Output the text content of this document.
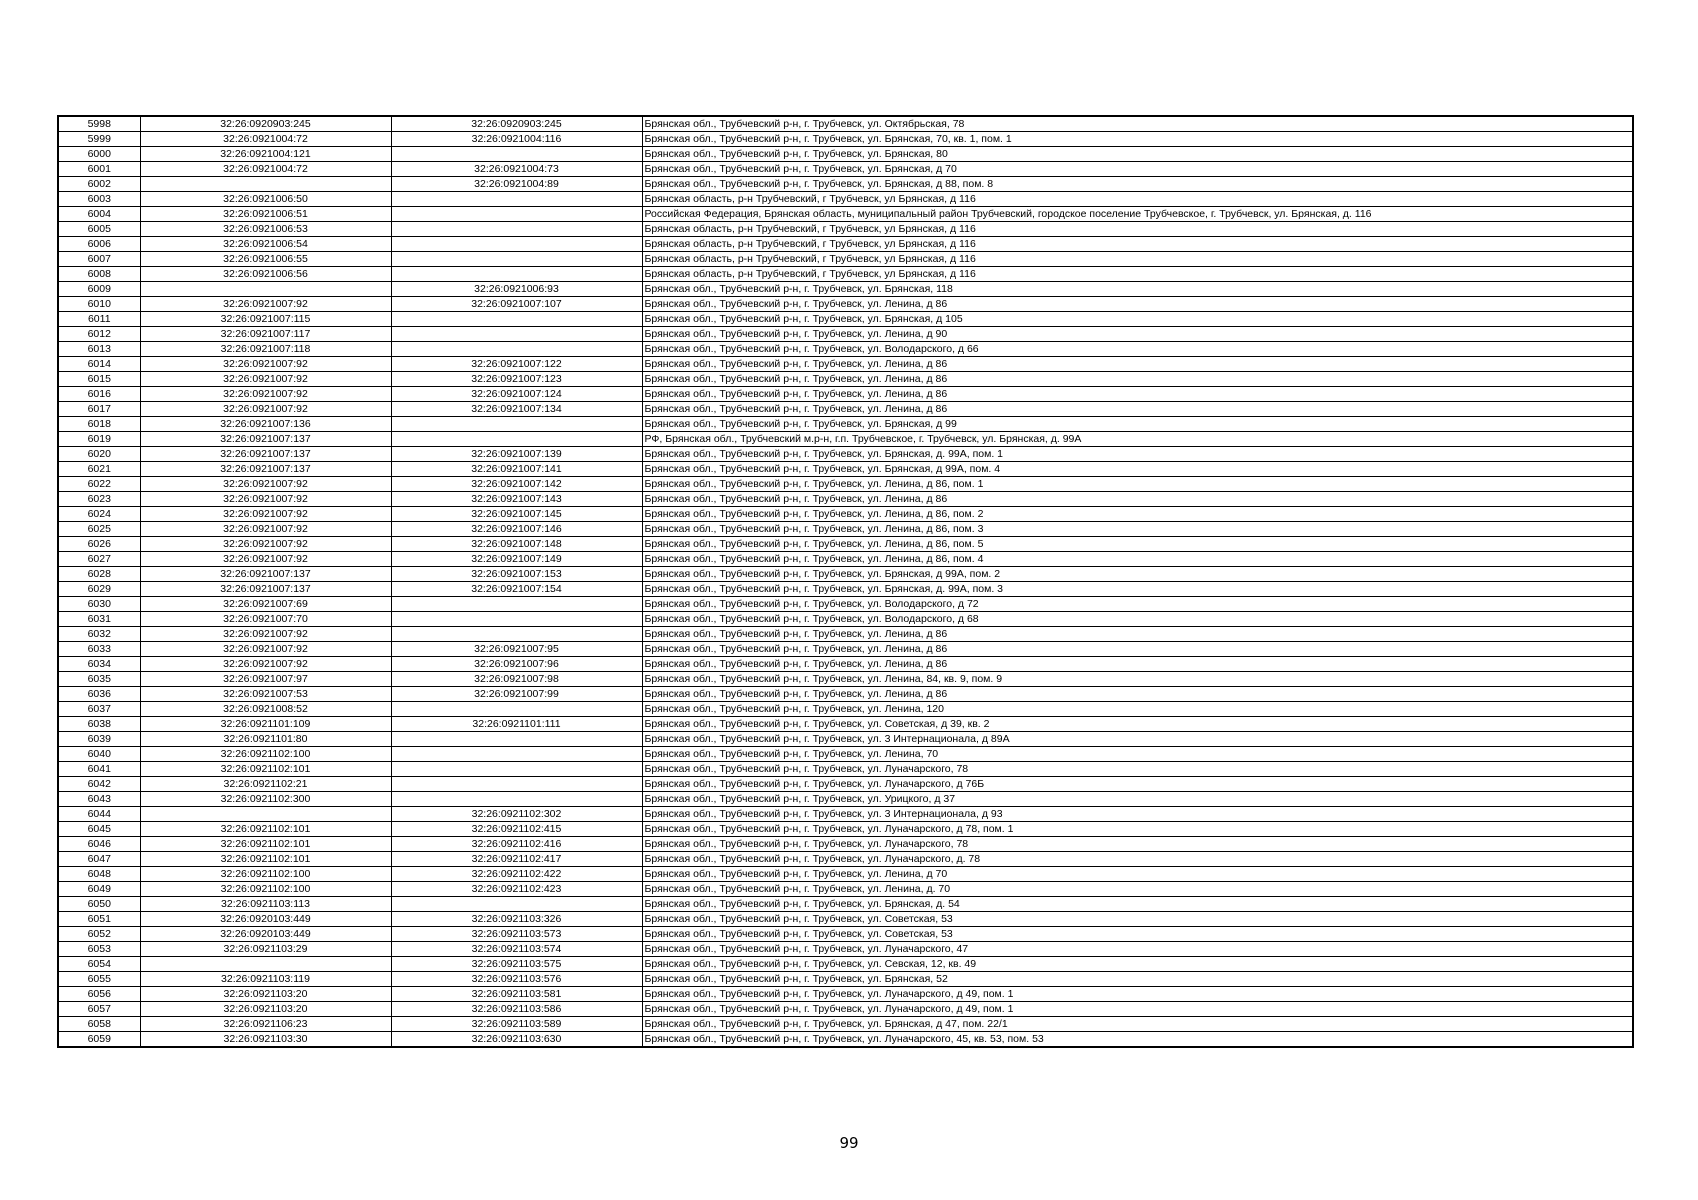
5998	32:26:0920903:245	32:26:0920903:245	Брянская обл., Трубчевский р-н, г. Трубчевск, ул. Октябрьская, 78
5999	32:26:0921004:72	32:26:0921004:116	Брянская обл., Трубчевский р-н, г. Трубчевск, ул. Брянская, 70, кв. 1, пом. 1
6000	32:26:0921004:121		Брянская обл., Трубчевский р-н, г. Трубчевск, ул. Брянская, 80
6001	32:26:0921004:72	32:26:0921004:73	Брянская обл., Трубчевский р-н, г. Трубчевск, ул. Брянская, д 70
6002		32:26:0921004:89	Брянская обл., Трубчевский р-н, г. Трубчевск, ул. Брянская, д 88, пом. 8
6003	32:26:0921006:50		Брянская область, р-н Трубчевский, г Трубчевск, ул Брянская, д 116
6004	32:26:0921006:51		Российская Федерация, Брянская область, муниципальный район Трубчевский, городское поселение Трубчевское, г. Трубчевск, ул. Брянская, д. 116
6005	32:26:0921006:53		Брянская область, р-н Трубчевский, г Трубчевск, ул Брянская, д 116
6006	32:26:0921006:54		Брянская область, р-н Трубчевский, г Трубчевск, ул Брянская, д 116
6007	32:26:0921006:55		Брянская область, р-н Трубчевский, г Трубчевск, ул Брянская, д 116
6008	32:26:0921006:56		Брянская область, р-н Трубчевский, г Трубчевск, ул Брянская, д 116
6009		32:26:0921006:93	Брянская обл., Трубчевский р-н, г. Трубчевск, ул. Брянская, 118
6010	32:26:0921007:92	32:26:0921007:107	Брянская обл., Трубчевский р-н, г. Трубчевск, ул. Ленина, д 86
6011	32:26:0921007:115		Брянская обл., Трубчевский р-н, г. Трубчевск, ул. Брянская, д 105
6012	32:26:0921007:117		Брянская обл., Трубчевский р-н, г. Трубчевск, ул. Ленина, д 90
6013	32:26:0921007:118		Брянская обл., Трубчевский р-н, г. Трубчевск, ул. Володарского, д 66
6014	32:26:0921007:92	32:26:0921007:122	Брянская обл., Трубчевский р-н, г. Трубчевск, ул. Ленина, д 86
6015	32:26:0921007:92	32:26:0921007:123	Брянская обл., Трубчевский р-н, г. Трубчевск, ул. Ленина, д 86
6016	32:26:0921007:92	32:26:0921007:124	Брянская обл., Трубчевский р-н, г. Трубчевск, ул. Ленина, д 86
6017	32:26:0921007:92	32:26:0921007:134	Брянская обл., Трубчевский р-н, г. Трубчевск, ул. Ленина, д 86
6018	32:26:0921007:136		Брянская обл., Трубчевский р-н, г. Трубчевск, ул. Брянская, д 99
6019	32:26:0921007:137		РФ, Брянская обл., Трубчевский м.р-н, г.п. Трубчевское, г. Трубчевск, ул. Брянская, д. 99А
6020	32:26:0921007:137	32:26:0921007:139	Брянская обл., Трубчевский р-н, г. Трубчевск, ул. Брянская, д. 99А, пом. 1
6021	32:26:0921007:137	32:26:0921007:141	Брянская обл., Трубчевский р-н, г. Трубчевск, ул. Брянская, д 99А, пом. 4
6022	32:26:0921007:92	32:26:0921007:142	Брянская обл., Трубчевский р-н, г. Трубчевск, ул. Ленина, д 86, пом. 1
6023	32:26:0921007:92	32:26:0921007:143	Брянская обл., Трубчевский р-н, г. Трубчевск, ул. Ленина, д 86
6024	32:26:0921007:92	32:26:0921007:145	Брянская обл., Трубчевский р-н, г. Трубчевск, ул. Ленина, д 86, пом. 2
6025	32:26:0921007:92	32:26:0921007:146	Брянская обл., Трубчевский р-н, г. Трубчевск, ул. Ленина, д 86, пом. 3
6026	32:26:0921007:92	32:26:0921007:148	Брянская обл., Трубчевский р-н, г. Трубчевск, ул. Ленина, д 86, пом. 5
6027	32:26:0921007:92	32:26:0921007:149	Брянская обл., Трубчевский р-н, г. Трубчевск, ул. Ленина, д 86, пом. 4
6028	32:26:0921007:137	32:26:0921007:153	Брянская обл., Трубчевский р-н, г. Трубчевск, ул. Брянская, д 99А, пом. 2
6029	32:26:0921007:137	32:26:0921007:154	Брянская обл., Трубчевский р-н, г. Трубчевск, ул. Брянская, д. 99А, пом. 3
6030	32:26:0921007:69		Брянская обл., Трубчевский р-н, г. Трубчевск, ул. Володарского, д 72
6031	32:26:0921007:70		Брянская обл., Трубчевский р-н, г. Трубчевск, ул. Володарского, д 68
6032	32:26:0921007:92		Брянская обл., Трубчевский р-н, г. Трубчевск, ул. Ленина, д 86
6033	32:26:0921007:92	32:26:0921007:95	Брянская обл., Трубчевский р-н, г. Трубчевск, ул. Ленина, д 86
6034	32:26:0921007:92	32:26:0921007:96	Брянская обл., Трубчевский р-н, г. Трубчевск, ул. Ленина, д 86
6035	32:26:0921007:97	32:26:0921007:98	Брянская обл., Трубчевский р-н, г. Трубчевск, ул. Ленина, 84, кв. 9, пом. 9
6036	32:26:0921007:53	32:26:0921007:99	Брянская обл., Трубчевский р-н, г. Трубчевск, ул. Ленина, д 86
6037	32:26:0921008:52		Брянская обл., Трубчевский р-н, г. Трубчевск, ул. Ленина, 120
6038	32:26:0921101:109	32:26:0921101:111	Брянская обл., Трубчевский р-н, г. Трубчевск, ул. Советская, д 39, кв. 2
6039	32:26:0921101:80		Брянская обл., Трубчевский р-н, г. Трубчевск, ул. 3 Интернационала, д 89А
6040	32:26:0921102:100		Брянская обл., Трубчевский р-н, г. Трубчевск, ул. Ленина, 70
6041	32:26:0921102:101		Брянская обл., Трубчевский р-н, г. Трубчевск, ул. Луначарского, 78
6042	32:26:0921102:21		Брянская обл., Трубчевский р-н, г. Трубчевск, ул. Луначарского, д 76Б
6043	32:26:0921102:300		Брянская обл., Трубчевский р-н, г. Трубчевск, ул. Урицкого, д 37
6044		32:26:0921102:302	Брянская обл., Трубчевский р-н, г. Трубчевск, ул. 3 Интернационала, д 93
6045	32:26:0921102:101	32:26:0921102:415	Брянская обл., Трубчевский р-н, г. Трубчевск, ул. Луначарского, д 78, пом. 1
6046	32:26:0921102:101	32:26:0921102:416	Брянская обл., Трубчевский р-н, г. Трубчевск, ул. Луначарского, 78
6047	32:26:0921102:101	32:26:0921102:417	Брянская обл., Трубчевский р-н, г. Трубчевск, ул. Луначарского, д. 78
6048	32:26:0921102:100	32:26:0921102:422	Брянская обл., Трубчевский р-н, г. Трубчевск, ул. Ленина, д 70
6049	32:26:0921102:100	32:26:0921102:423	Брянская обл., Трубчевский р-н, г. Трубчевск, ул. Ленина, д. 70
6050	32:26:0921103:113		Брянская обл., Трубчевский р-н, г. Трубчевск, ул. Брянская, д. 54
6051	32:26:0920103:449	32:26:0921103:326	Брянская обл., Трубчевский р-н, г. Трубчевск, ул. Советская, 53
6052	32:26:0920103:449	32:26:0921103:573	Брянская обл., Трубчевский р-н, г. Трубчевск, ул. Советская, 53
6053	32:26:0921103:29	32:26:0921103:574	Брянская обл., Трубчевский р-н, г. Трубчевск, ул. Луначарского, 47
6054		32:26:0921103:575	Брянская обл., Трубчевский р-н, г. Трубчевск, ул. Севская, 12, кв. 49
6055	32:26:0921103:119	32:26:0921103:576	Брянская обл., Трубчевский р-н, г. Трубчевск, ул. Брянская, 52
6056	32:26:0921103:20	32:26:0921103:581	Брянская обл., Трубчевский р-н, г. Трубчевск, ул. Луначарского, д 49, пом. 1
6057	32:26:0921103:20	32:26:0921103:586	Брянская обл., Трубчевский р-н, г. Трубчевск, ул. Луначарского, д 49, пом. 1
6058	32:26:0921106:23	32:26:0921103:589	Брянская обл., Трубчевский р-н, г. Трубчевск, ул. Брянская, д 47, пом. 22/1
6059	32:26:0921103:30	32:26:0921103:630	Брянская обл., Трубчевский р-н, г. Трубчевск, ул. Луначарского, 45, кв. 53, пом. 53
99
